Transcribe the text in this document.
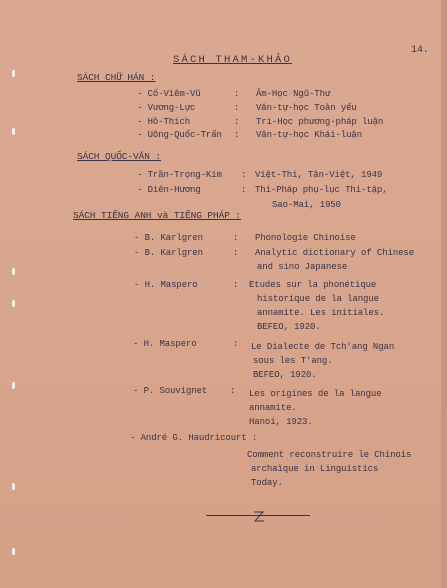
14.
SÁCH THAM-KHẢO
SÁCH CHỮ HÁN :
- Cố-Viêm-Vũ	: Âm-Học Ngũ-Thư
- Vương-Lực	: Văn-tự-học Toản yếu
- Hồ-Thích	: Trí-Học phương-pháp luận
- Uông-Quốc-Trấn : Văn-tự-học Khái-luận
SÁCH QUỐC-VĂN :
- Trần-Trọng-Kim : Việt-Thi, Tân-Việt, 1949
- Diên-Hương	: Thi-Pháp phụ-lục Thi-tập,
Sao-Mai, 1950
SÁCH TIẾNG ANH và TIẾNG PHÁP :
- B. Karlgren	: Phonologie Chinoise
- B. Karlgren	: Analytic dictionary of Chinese
and sino Japanese
- H. Maspero	: Etudes sur la phonétique
historique de la langue
annamite. Les initiales.
BEFEO, 1920.
- H. Maspero	: Le Dialecte de Tch'ang Ngan
sous les T'ang.
BEFEO, 1920.
- P. Souvignet	: Les origines de la langue
annamite.
Hanoi, 1923.
- André G. Haudricourt :
Comment reconstruire le Chinois
archaïque in Linguistics
Today.
